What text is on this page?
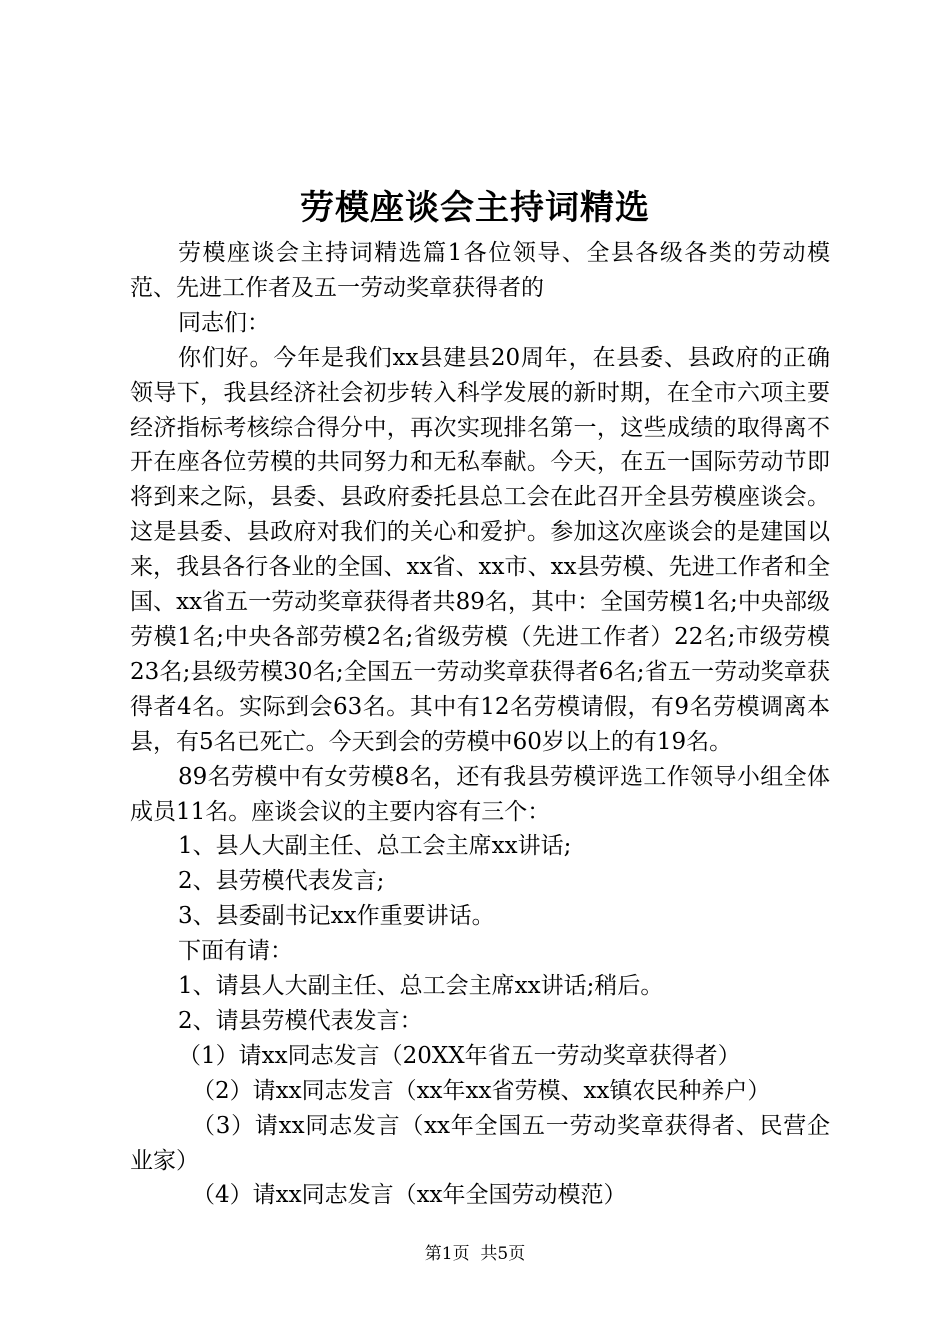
劳模座谈会主持词精选

劳模座谈会主持词精选篇1各位领导、全县各级各类的劳动模范、先进工作者及五一劳动奖章获得者的

同志们：

你们好。今年是我们xx县建县20周年，在县委、县政府的正确领导下，我县经济社会初步转入科学发展的新时期，在全市六项主要经济指标考核综合得分中，再次实现排名第一，这些成绩的取得离不开在座各位劳模的共同努力和无私奉献。今天，在五一国际劳动节即将到来之际，县委、县政府委托县总工会在此召开全县劳模座谈会。这是县委、县政府对我们的关心和爱护。参加这次座谈会的是建国以来，我县各行各业的全国、xx省、xx市、xx县劳模、先进工作者和全国、xx省五一劳动奖章获得者共89名，其中：全国劳模1名;中央部级劳模1名;中央各部劳模2名;省级劳模（先进工作者）22名;市级劳模23名;县级劳模30名;全国五一劳动奖章获得者6名;省五一劳动奖章获得者4名。实际到会63名。其中有12名劳模请假，有9名劳模调离本县，有5名已死亡。今天到会的劳模中60岁以上的有19名。

89名劳模中有女劳模8名，还有我县劳模评选工作领导小组全体成员11名。座谈会议的主要内容有三个：

1、县人大副主任、总工会主席xx讲话;

2、县劳模代表发言;

3、县委副书记xx作重要讲话。

下面有请：

1、请县人大副主任、总工会主席xx讲话;稍后。

2、请县劳模代表发言：

（1）请xx同志发言（20XX年省五一劳动奖章获得者）

（2）请xx同志发言（xx年xx省劳模、xx镇农民种养户）

（3）请xx同志发言（xx年全国五一劳动奖章获得者、民营企业家）

（4）请xx同志发言（xx年全国劳动模范）

第1页  共5页
